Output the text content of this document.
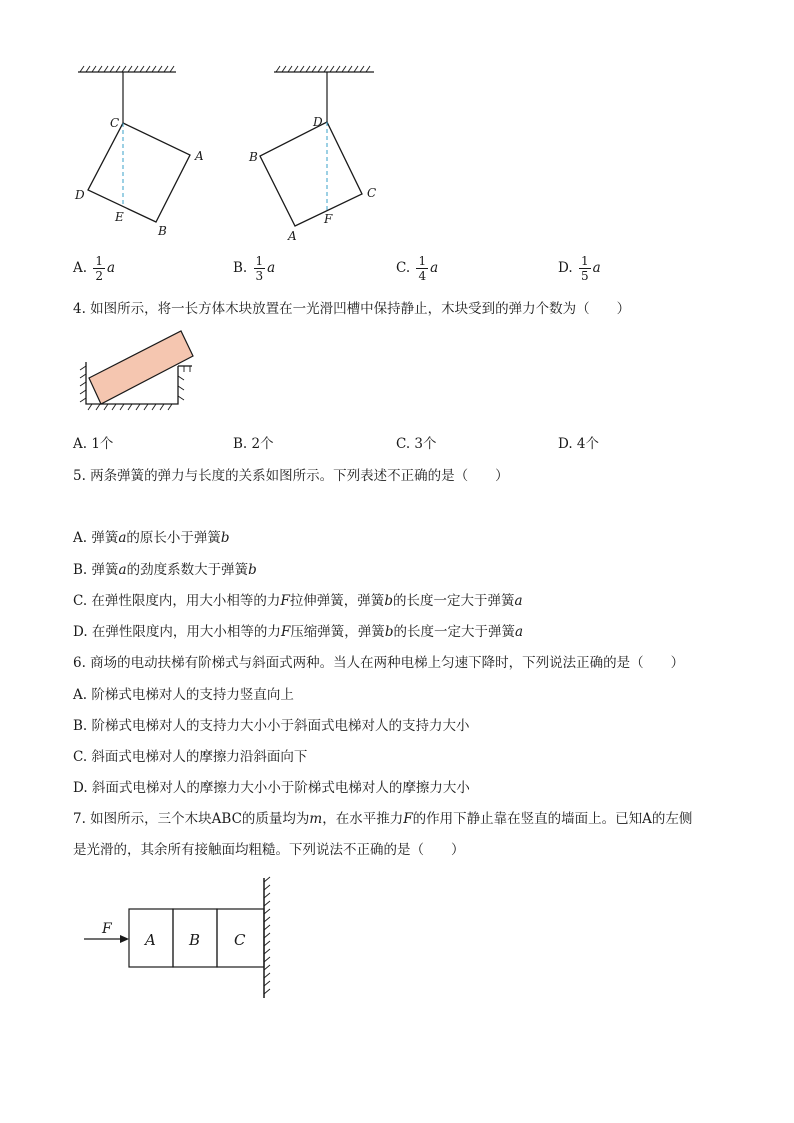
C
A
D
E
B
D
B
C
F
A
A. $\frac{1}{2}$ a	B. $\frac{1}{3}$ a	C. $\frac{1}{4}$ a	D. $\frac{1}{5}$ a
4. 如图所示，将一长方体木块放置在一光滑凹槽中保持静止，木块受到的弹力个数为（　　）
A. 1个	B. 2个	C. 3个	D. 4个
5. 两条弹簧的弹力与长度的关系如图所示。下列表述不正确的是（　　）
A. 弹簧a的原长小于弹簧b
B. 弹簧a的劲度系数大于弹簧b
C. 在弹性限度内，用大小相等的力F拉伸弹簧，弹簧b的长度一定大于弹簧a
D. 在弹性限度内，用大小相等的力F压缩弹簧，弹簧b的长度一定大于弹簧a
6. 商场的电动扶梯有阶梯式与斜面式两种。当人在两种电梯上匀速下降时，下列说法正确的是（　　）
A. 阶梯式电梯对人的支持力竖直向上
B. 阶梯式电梯对人的支持力大小小于斜面式电梯对人的支持力大小
C. 斜面式电梯对人的摩擦力沿斜面向下
D. 斜面式电梯对人的摩擦力大小小于阶梯式电梯对人的摩擦力大小
7. 如图所示，三个木块ABC的质量均为m，在水平推力F的作用下静止靠在竖直的墙面上。已知A的左侧
是光滑的，其余所有接触面均粗糙。下列说法不正确的是（　　）
F
A B C
